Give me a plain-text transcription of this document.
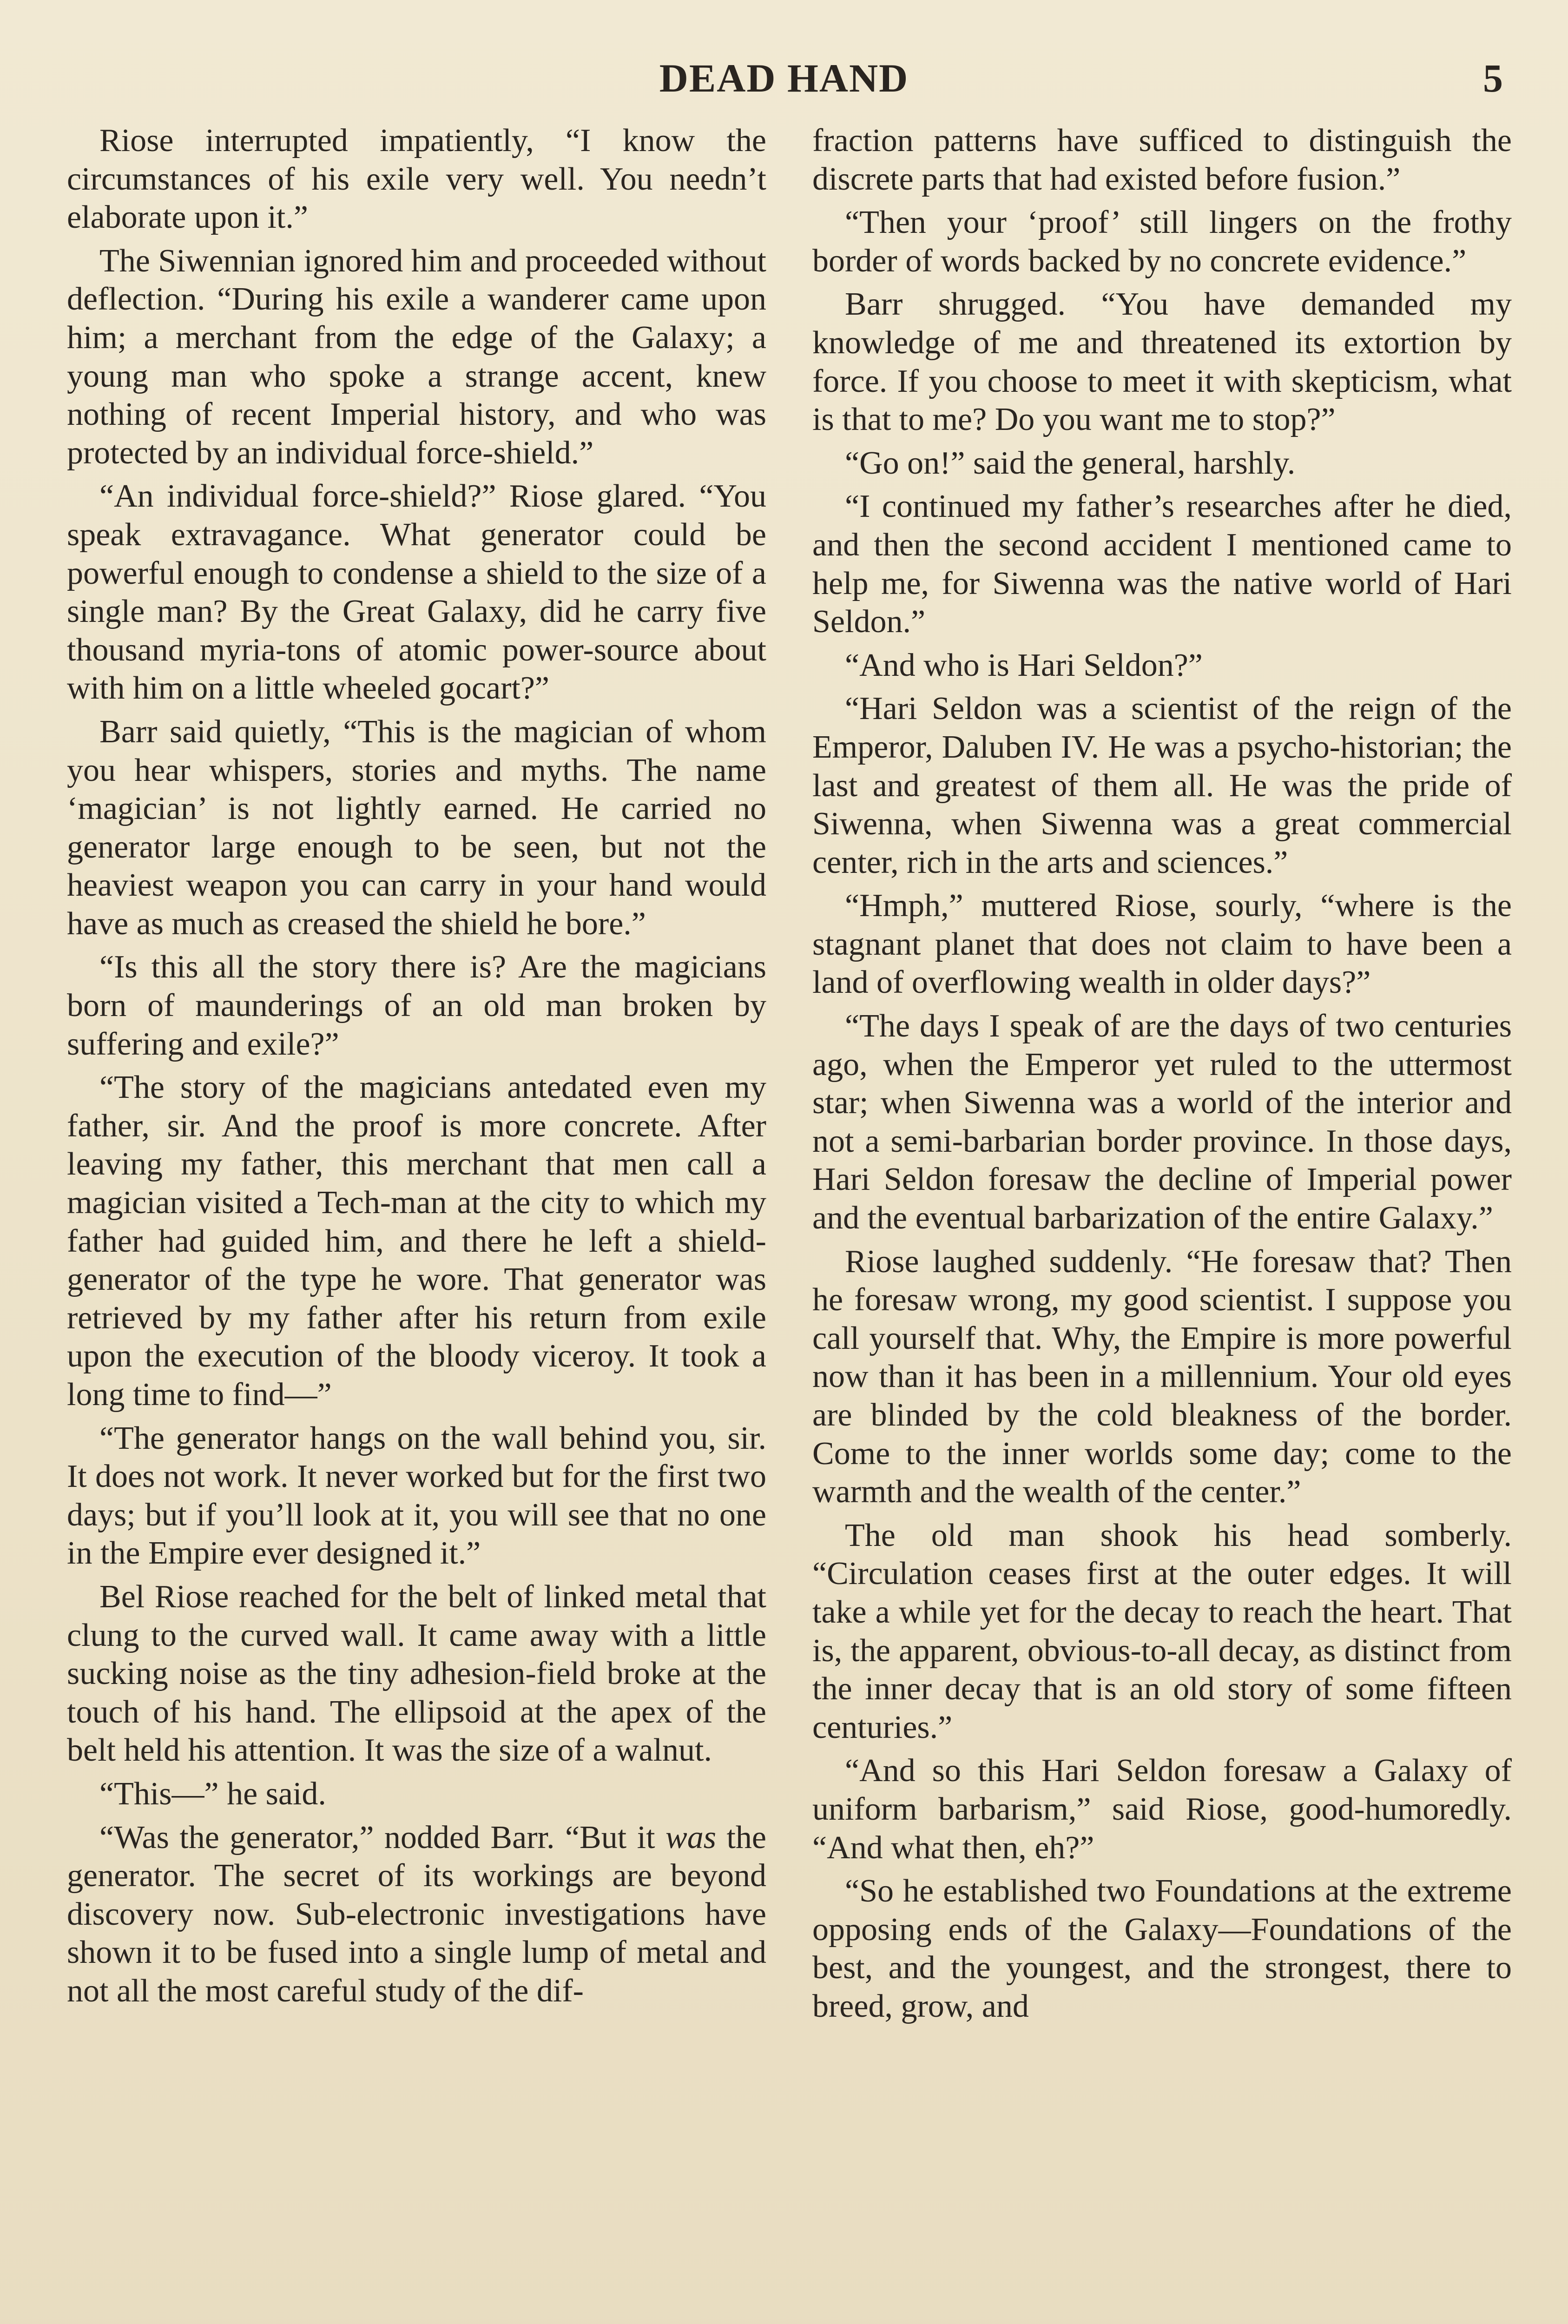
DEAD HAND	5

Riose interrupted impatiently, “I know the circumstances of his exile very well. You needn’t elaborate upon it.”

The Siwennian ignored him and proceeded without deflection. “During his exile a wanderer came upon him; a merchant from the edge of the Galaxy; a young man who spoke a strange accent, knew nothing of recent Imperial history, and who was protected by an individual force-shield.”

“An individual force-shield?” Riose glared. “You speak extravagance. What generator could be powerful enough to condense a shield to the size of a single man? By the Great Galaxy, did he carry five thousand myria-tons of atomic power-source about with him on a little wheeled gocart?”

Barr said quietly, “This is the magician of whom you hear whispers, stories and myths. The name ‘magician’ is not lightly earned. He carried no generator large enough to be seen, but not the heaviest weapon you can carry in your hand would have as much as creased the shield he bore.”

“Is this all the story there is? Are the magicians born of maunderings of an old man broken by suffering and exile?”

“The story of the magicians antedated even my father, sir. And the proof is more concrete. After leaving my father, this merchant that men call a magician visited a Tech-man at the city to which my father had guided him, and there he left a shield-generator of the type he wore. That generator was retrieved by my father after his return from exile upon the execution of the bloody viceroy. It took a long time to find—”

“The generator hangs on the wall behind you, sir. It does not work. It never worked but for the first two days; but if you’ll look at it, you will see that no one in the Empire ever designed it.”

Bel Riose reached for the belt of linked metal that clung to the curved wall. It came away with a little sucking noise as the tiny adhesion-field broke at the touch of his hand. The ellipsoid at the apex of the belt held his attention. It was the size of a walnut.

“This—” he said.

“Was the generator,” nodded Barr. “But it was the generator. The secret of its workings are beyond discovery now. Sub-electronic investigations have shown it to be fused into a single lump of metal and not all the most careful study of the dif-

fraction patterns have sufficed to distinguish the discrete parts that had existed before fusion.”

“Then your ‘proof’ still lingers on the frothy border of words backed by no concrete evidence.”

Barr shrugged. “You have demanded my knowledge of me and threatened its extortion by force. If you choose to meet it with skepticism, what is that to me? Do you want me to stop?”

“Go on!” said the general, harshly.

“I continued my father’s researches after he died, and then the second accident I mentioned came to help me, for Siwenna was the native world of Hari Seldon.”

“And who is Hari Seldon?”

“Hari Seldon was a scientist of the reign of the Emperor, Daluben IV. He was a psycho-historian; the last and greatest of them all. He was the pride of Siwenna, when Siwenna was a great commercial center, rich in the arts and sciences.”

“Hmph,” muttered Riose, sourly, “where is the stagnant planet that does not claim to have been a land of overflowing wealth in older days?”

“The days I speak of are the days of two centuries ago, when the Emperor yet ruled to the uttermost star; when Siwenna was a world of the interior and not a semi-barbarian border province. In those days, Hari Seldon foresaw the decline of Imperial power and the eventual barbarization of the entire Galaxy.”

Riose laughed suddenly. “He foresaw that? Then he foresaw wrong, my good scientist. I suppose you call yourself that. Why, the Empire is more powerful now than it has been in a millennium. Your old eyes are blinded by the cold bleakness of the border. Come to the inner worlds some day; come to the warmth and the wealth of the center.”

The old man shook his head somberly. “Circulation ceases first at the outer edges. It will take a while yet for the decay to reach the heart. That is, the apparent, obvious-to-all decay, as distinct from the inner decay that is an old story of some fifteen centuries.”

“And so this Hari Seldon foresaw a Galaxy of uniform barbarism,” said Riose, good-humoredly. “And what then, eh?”

“So he established two Foundations at the extreme opposing ends of the Galaxy—Foundations of the best, and the youngest, and the strongest, there to breed, grow, and
